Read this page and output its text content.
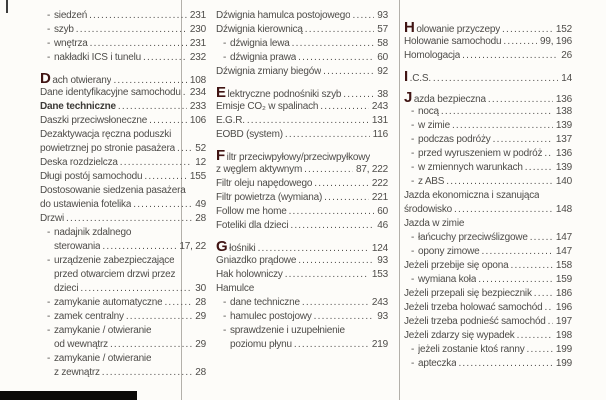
- siedzeń .....	231
- szyb .....	230
- wnętrza .....	231
- nakładki ICS i tunelu .....	232
Dach otwierany .....	108
Dane identyfikacyjne samochodu ..... 234
Dane techniczne .....	233
Daszki przeciwsłoneczne .....	106
Dezaktywacja ręczna poduszki
powietrznej po stronie pasażera ..... 52
Deska rozdzielcza .....	12
Długi postój samochodu .....	155
Dostosowanie siedzenia pasażera
do ustawienia fotelika .....	49
Drzwi .....	28
- nadajnik zdalnego
sterowania .....	17, 22
- urządzenie zabezpieczające
przed otwarciem drzwi przez
dzieci .....	30
- zamykanie automatyczne .....	28
- zamek centralny .....	29
- zamykanie / otwieranie
od wewnątrz .....	29
- zamykanie / otwieranie
z zewnątrz .....	28
Dźwignia hamulca postojowego .....	93
Dźwignia kierownicą .....	57
- dźwignia lewa .....	58
- dźwignia prawa .....	60
Dźwignia zmiany biegów .....	92
Elektryczne podnośniki szyb .....	38
Emisje CO₂ w spalinach .....	243
E.G.R. .....	131
EOBD (system) .....	116
Filtr przeciwpyłowy/przeciwpyłkowy
z węglem aktywnym .....	87, 222
Filtr oleju napędowego .....	222
Filtr powietrza (wymiana) .....	221
Follow me home .....	60
Foteliki dla dzieci .....	46
Głośniki .....	124
Gniazdko prądowe .....	93
Hak holowniczy .....	153
Hamulce
- dane techniczne .....	243
- hamulec postojowy .....	93
- sprawdzenie i uzupełnienie
poziomu płynu .....	219
Holowanie przyczepy .....	152
Holowanie samochodu .....	99, 196
Homologacja .....	26
I .C.S. .....	14
Jazda bezpieczna .....	136
- nocą .....	138
- w zimie .....	139
- podczas podróży .....	137
- przed wyruszeniem w podróż ..... 136
- w zmiennych warunkach .....	139
- z ABS .....	140
Jazda ekonomiczna i szanująca
środowisko .....	148
Jazda w zimie
- łańcuchy przeciwślizgowe .....	147
- opony zimowe .....	147
Jeżeli przebije się opona .....	158
- wymiana koła .....	159
Jeżeli przepali się bezpiecznik ..... 186
Jeżeli trzeba holować samochód ..... 196
Jeżeli trzeba podnieść samochód ..... 197
Jeżeli zdarzy się wypadek .....	198
- jeżeli zostanie ktoś ranny .....	199
- apteczka .....	199
